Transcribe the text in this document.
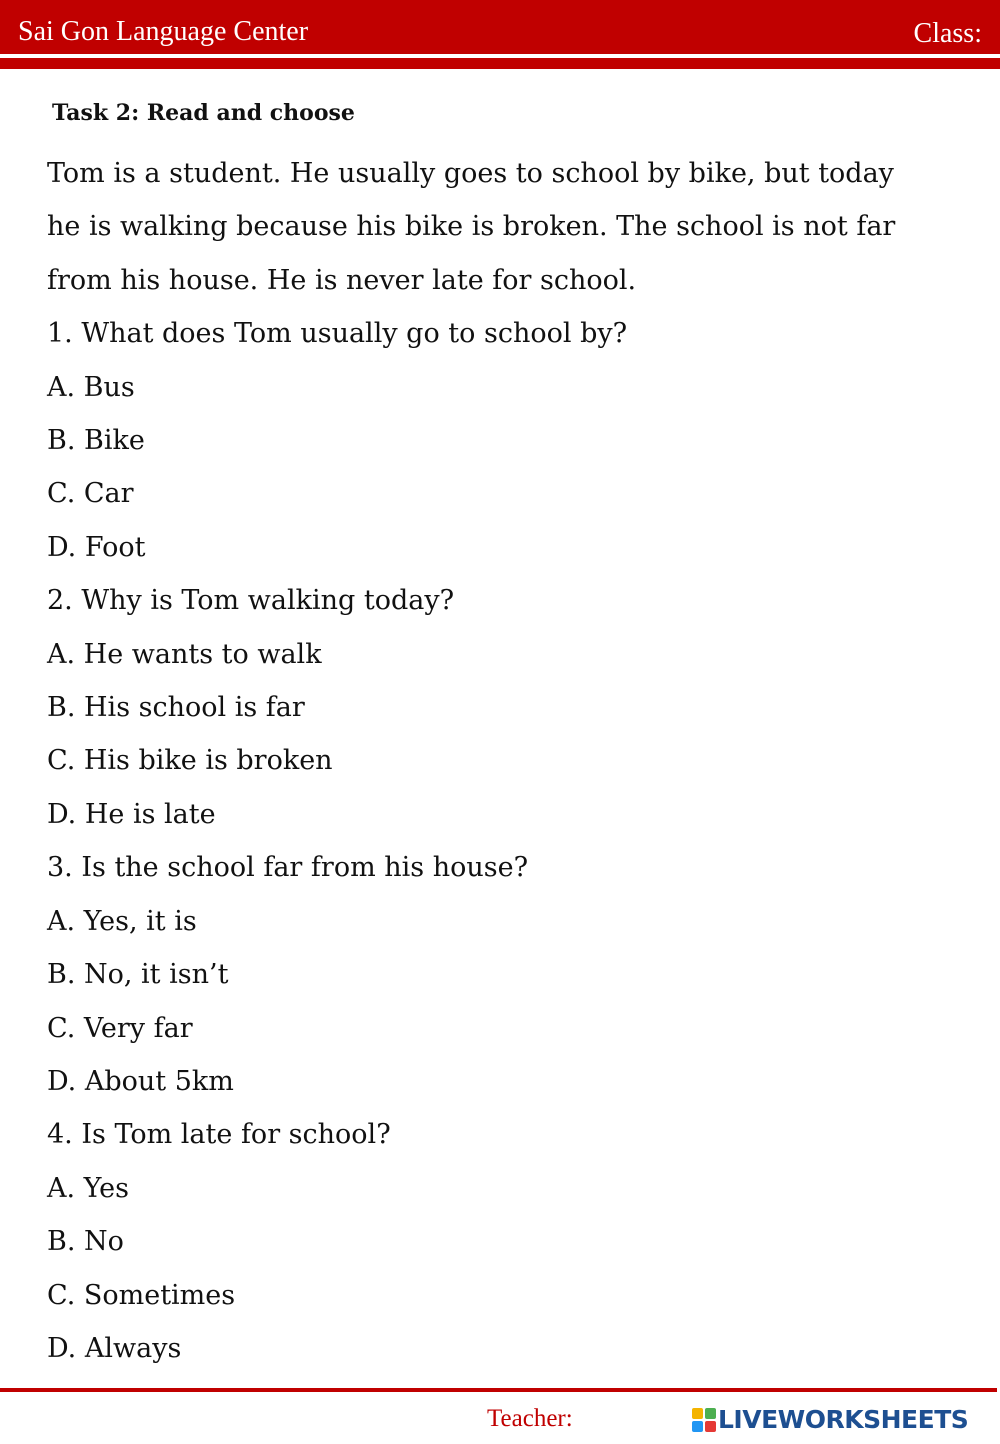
Sai Gon Language Center	Class:
Task 2: Read and choose
Tom is a student. He usually goes to school by bike, but today
he is walking because his bike is broken. The school is not far
from his house. He is never late for school.
1. What does Tom usually go to school by?
A. Bus
B. Bike
C. Car
D. Foot
2. Why is Tom walking today?
A. He wants to walk
B. His school is far
C. His bike is broken
D. He is late
3. Is the school far from his house?
A. Yes, it is
B. No, it isn’t
C. Very far
D. About 5km
4. Is Tom late for school?
A. Yes
B. No
C. Sometimes
D. Always
Teacher:	LIVEWORKSHEETS
